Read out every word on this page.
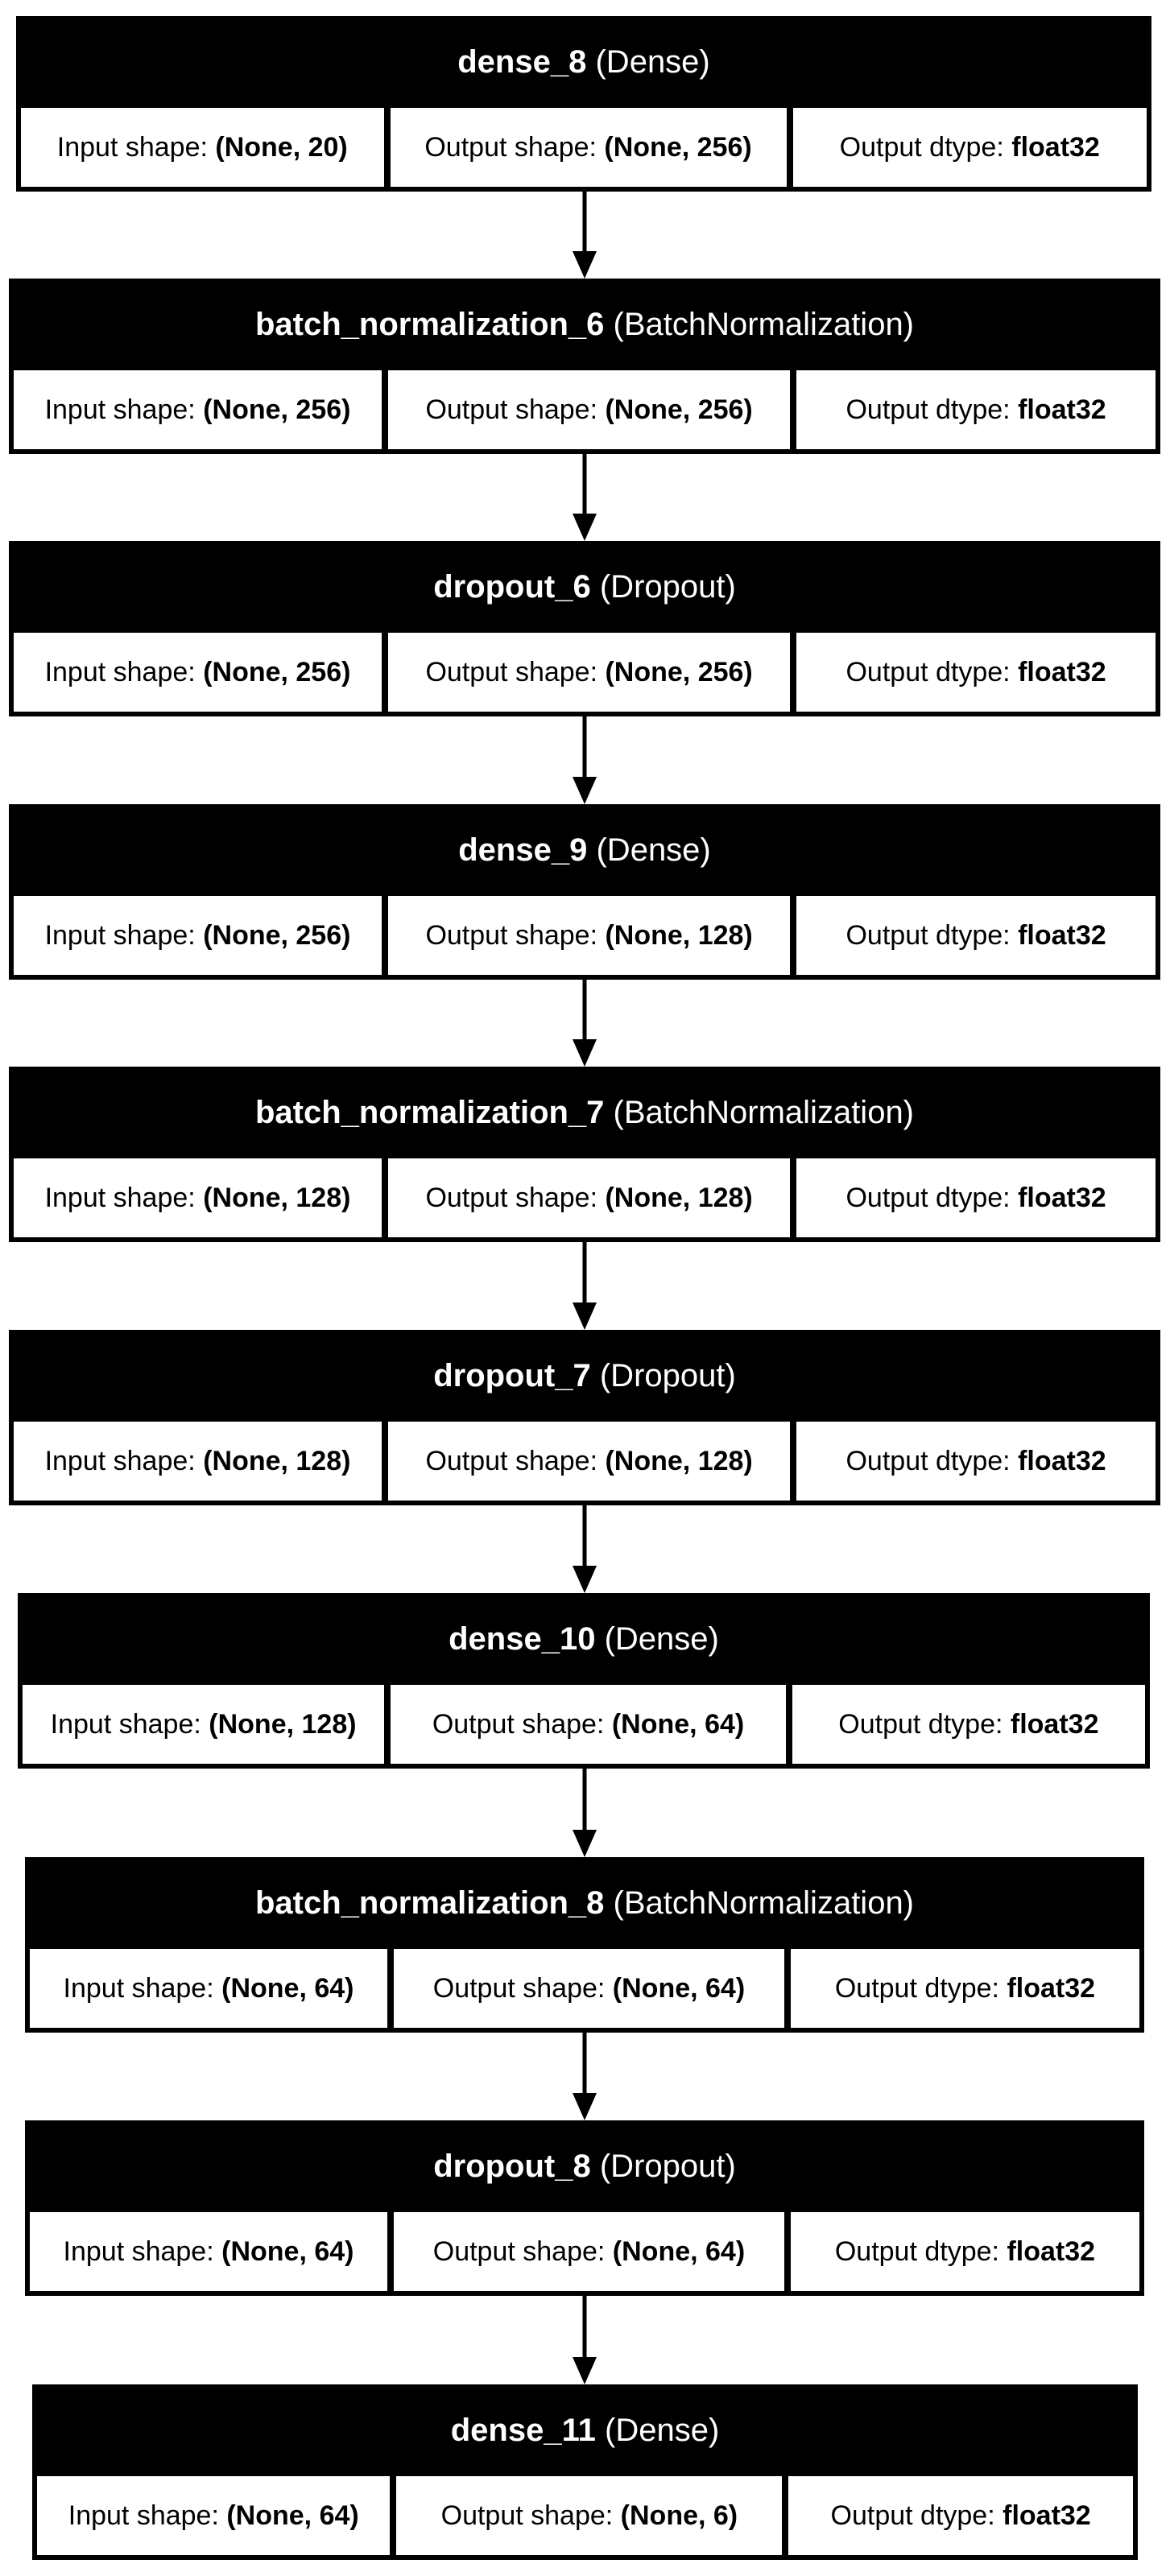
dense_8
(Dense)
Input shape: (None, 20)	Output shape: (None, 256)	Output dtype: float32
batch_normalization_6
(BatchNormalization)
Input shape: (None, 256)	Output shape: (None, 256)	Output dtype: float32
dropout_6
(Dropout)
Input shape: (None, 256)	Output shape: (None, 256)	Output dtype: float32
dense_9
(Dense)
Input shape: (None, 256)	Output shape: (None, 128)	Output dtype: float32
batch_normalization_7
(BatchNormalization)
Input shape: (None, 128)	Output shape: (None, 128)	Output dtype: float32
dropout_7
(Dropout)
Input shape: (None, 128)	Output shape: (None, 128)	Output dtype: float32
dense_10
(Dense)
Input shape: (None, 128)	Output shape: (None, 64)	Output dtype: float32
batch_normalization_8
(BatchNormalization)
Input shape: (None, 64)	Output shape: (None, 64)	Output dtype: float32
dropout_8
(Dropout)
Input shape: (None, 64)	Output shape: (None, 64)	Output dtype: float32
dense_11
(Dense)
Input shape: (None, 64)	Output shape: (None, 6)	Output dtype: float32
